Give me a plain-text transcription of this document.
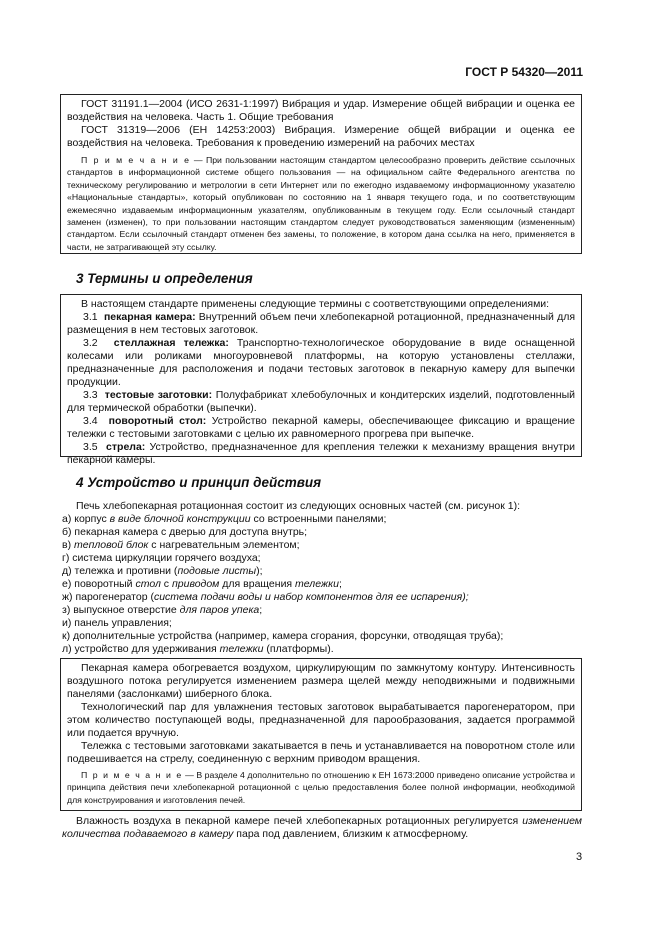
ГОСТ Р 54320—2011

ГОСТ 31191.1—2004 (ИСО 2631-1:1997) Вибрация и удар. Измерение общей вибрации и оценка ее воздействия на человека. Часть 1. Общие требования

ГОСТ 31319—2006 (ЕН 14253:2003) Вибрация. Измерение общей вибрации и оценка ее воздействия на человека. Требования к проведению измерений на рабочих местах

П р и м е ч а н и е — При пользовании настоящим стандартом целесообразно проверить действие ссылочных стандартов в информационной системе общего пользования — на официальном сайте Федерального агентства по техническому регулированию и метрологии в сети Интернет или по ежегодно издаваемому информационному указателю «Национальные стандарты», который опубликован по состоянию на 1 января текущего года, и по соответствующим ежемесячно издаваемым информационным указателям, опубликованным в текущем году. Если ссылочный стандарт заменен (изменен), то при пользовании настоящим стандартом следует руководствоваться заменяющим (измененным) стандартом. Если ссылочный стандарт отменен без замены, то положение, в котором дана ссылка на него, применяется в части, не затрагивающей эту ссылку.

3 Термины и определения

В настоящем стандарте применены следующие термины с соответствующими определениями:

3.1 пекарная камера: Внутренний объем печи хлебопекарной ротационной, предназначенный для размещения в нем тестовых заготовок.

3.2 стеллажная тележка: Транспортно-технологическое оборудование в виде оснащенной колесами или роликами многоуровневой платформы, на которую установлены стеллажи, предназначенные для расположения и подачи тестовых заготовок в пекарную камеру для выпечки продукции.

3.3 тестовые заготовки: Полуфабрикат хлебобулочных и кондитерских изделий, подготовленный для термической обработки (выпечки).

3.4 поворотный стол: Устройство пекарной камеры, обеспечивающее фиксацию и вращение тележки с тестовыми заготовками с целью их равномерного прогрева при выпечке.

3.5 стрела: Устройство, предназначенное для крепления тележки к механизму вращения внутри пекарной камеры.

4 Устройство и принцип действия

Печь хлебопекарная ротационная состоит из следующих основных частей (см. рисунок 1):

а) корпус в виде блочной конструкции со встроенными панелями;

б) пекарная камера с дверью для доступа внутрь;

в) тепловой блок с нагревательным элементом;

г) система циркуляции горячего воздуха;

д) тележка и противни (подовые листы);

е) поворотный стол с приводом для вращения тележки;

ж) парогенератор (система подачи воды и набор компонентов для ее испарения);

з) выпускное отверстие для паров упека;

и) панель управления;

к) дополнительные устройства (например, камера сгорания, форсунки, отводящая труба);

л) устройство для удерживания тележки (платформы).

Пекарная камера обогревается воздухом, циркулирующим по замкнутому контуру. Интенсивность воздушного потока регулируется изменением размера щелей между неподвижными и подвижными панелями (заслонками) шиберного блока.

Технологический пар для увлажнения тестовых заготовок вырабатывается парогенератором, при этом количество поступающей воды, предназначенной для парообразования, задается программой или подается вручную.

Тележка с тестовыми заготовками закатывается в печь и устанавливается на поворотном столе или подвешивается на стрелу, соединенную с верхним приводом вращения.

П р и м е ч а н и е — В разделе 4 дополнительно по отношению к ЕН 1673:2000 приведено описание устройства и принципа действия печи хлебопекарной ротационной с целью предоставления более полной информации, необходимой для конструирования и изготовления печей.

Влажность воздуха в пекарной камере печей хлебопекарных ротационных регулируется изменением количества подаваемого в камеру пара под давлением, близким к атмосферному.

3
